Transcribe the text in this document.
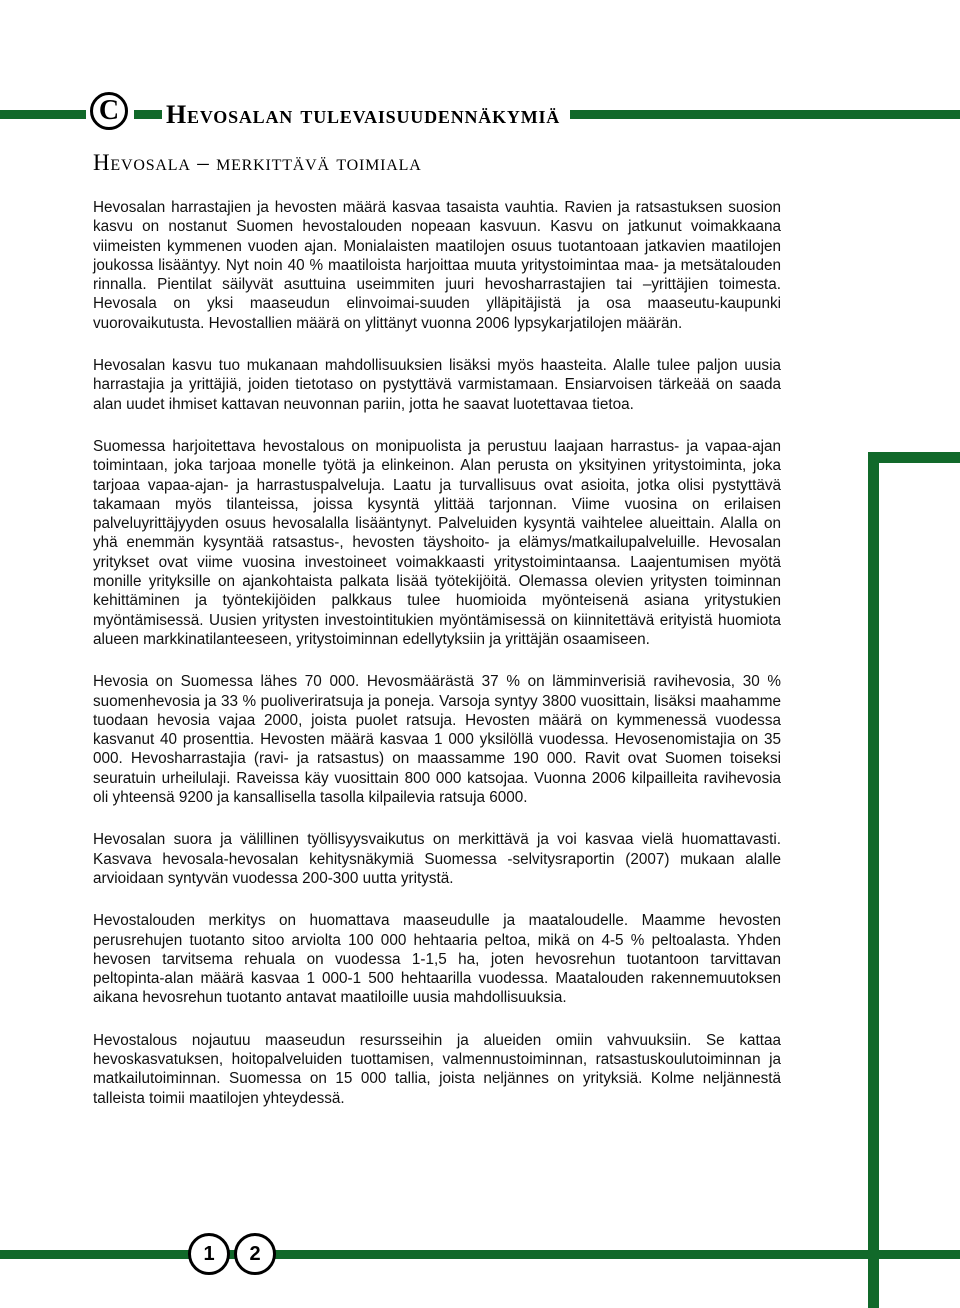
C Hevosalan tulevaisuudennäkymiä
Hevosala – merkittävä toimiala

Hevosalan harrastajien ja hevosten määrä kasvaa tasaista vauhtia. Ravien ja ratsastuksen suosion kasvu on nostanut Suomen hevostalouden nopeaan kasvuun. Kasvu on jatkunut voimakkaana viimeisten kymmenen vuoden ajan. Monialaisten maatilojen osuus tuotantoaan jatkavien maatilojen joukossa lisääntyy. Nyt noin 40 % maatiloista harjoittaa muuta yritystoimintaa maa- ja metsätalouden rinnalla. Pientilat säilyvät asuttuina useimmiten juuri hevosharrastajien tai –yrittäjien toimesta. Hevosala on yksi maaseudun elinvoimai-suuden ylläpitäjistä ja osa maaseutu-kaupunki vuorovaikutusta. Hevostallien määrä on ylittänyt vuonna 2006 lypsykarjatilojen määrän.

Hevosalan kasvu tuo mukanaan mahdollisuuksien lisäksi myös haasteita. Alalle tulee paljon uusia harrastajia ja yrittäjiä, joiden tietotaso on pystyttävä varmistamaan. Ensiarvoisen tärkeää on saada alan uudet ihmiset kattavan neuvonnan pariin, jotta he saavat luotettavaa tietoa.

Suomessa harjoitettava hevostalous on monipuolista ja perustuu laajaan harrastus- ja vapaa-ajan toimintaan, joka tarjoaa monelle työtä ja elinkeinon. Alan perusta on yksityinen yritystoiminta, joka tarjoaa vapaa-ajan- ja harrastuspalveluja. Laatu ja turvallisuus ovat asioita, jotka olisi pystyttävä takamaan myös tilanteissa, joissa kysyntä ylittää tarjonnan. Viime vuosina on erilaisen palveluyrittäjyyden osuus hevosalalla lisääntynyt. Palveluiden kysyntä vaihtelee alueittain. Alalla on yhä enemmän kysyntää ratsastus-, hevosten täyshoito- ja elämys/matkailupalveluille. Hevosalan yritykset ovat viime vuosina investoineet voimakkaasti yritystoimintaansa. Laajentumisen myötä monille yrityksille on ajankohtaista palkata lisää työtekijöitä. Olemassa olevien yritysten toiminnan kehittäminen ja työntekijöiden palkkaus tulee huomioida myönteisenä asiana yritystukien myöntämisessä. Uusien yritysten investointitukien myöntämisessä on kiinnitettävä erityistä huomiota alueen markkinatilanteeseen, yritystoiminnan edellytyksiin ja yrittäjän osaamiseen.

Hevosia on Suomessa lähes 70 000. Hevosmäärästä 37 % on lämminverisiä ravihevosia, 30 % suomenhevosia ja 33 % puoliveriratsuja ja poneja. Varsoja syntyy 3800 vuosittain, lisäksi maahamme tuodaan hevosia vajaa 2000, joista puolet ratsuja. Hevosten määrä on kymmenessä vuodessa kasvanut 40 prosenttia. Hevosten määrä kasvaa 1 000 yksilöllä vuodessa. Hevosenomistajia on 35 000. Hevosharrastajia (ravi- ja ratsastus) on maassamme 190 000. Ravit ovat Suomen toiseksi seuratuin urheilulaji. Raveissa käy vuosittain 800 000 katsojaa. Vuonna 2006 kilpailleita ravihevosia oli yhteensä 9200 ja kansallisella tasolla kilpailevia ratsuja 6000.

Hevosalan suora ja välillinen työllisyysvaikutus on merkittävä ja voi kasvaa vielä huomattavasti. Kasvava hevosala-hevosalan kehitysnäkymiä Suomessa -selvitysraportin (2007) mukaan alalle arvioidaan syntyvän vuodessa 200-300 uutta yritystä.

Hevostalouden merkitys on huomattava maaseudulle ja maataloudelle. Maamme hevosten perusrehujen tuotanto sitoo arviolta 100 000 hehtaaria peltoa, mikä on 4-5 % peltoalasta. Yhden hevosen tarvitsema rehuala on vuodessa 1-1,5 ha, joten hevosrehun tuotantoon tarvittavan peltopinta-alan määrä kasvaa 1 000-1 500 hehtaarilla vuodessa. Maatalouden rakennemuutoksen aikana hevosrehun tuotanto antavat maatiloille uusia mahdollisuuksia.

Hevostalous nojautuu maaseudun resursseihin ja alueiden omiin vahvuuksiin. Se kattaa hevoskasvatuksen, hoitopalveluiden tuottamisen, valmennustoiminnan, ratsastuskoulutoiminnan ja matkailutoiminnan. Suomessa on 15 000 tallia, joista neljännes on yrityksiä. Kolme neljännestä talleista toimii maatilojen yhteydessä.

1 2
